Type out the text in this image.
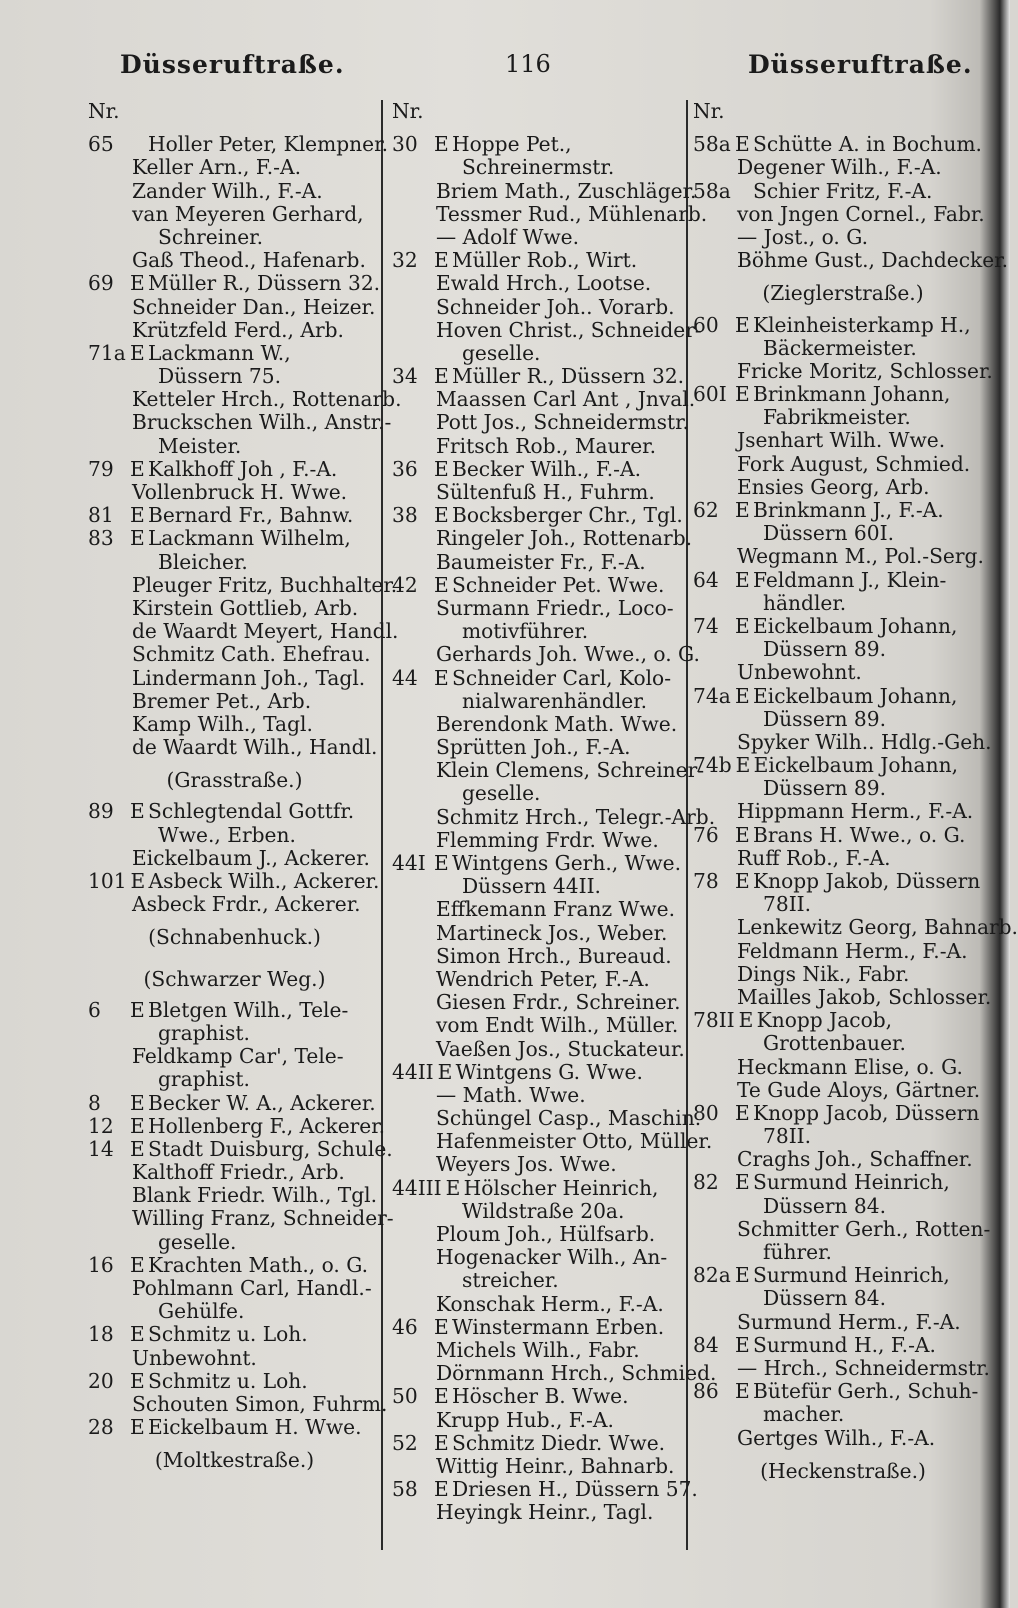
Düsseruftraße.	116	Düsseruftraße.
Nr.
65 Holler Peter, Klempner.
Keller Arn., F.-A.
Zander Wilh., F.-A.
van Meyeren Gerhard,
Schreiner.
Gaß Theod., Hafenarb.
69 E Müller R., Düssern 32.
Schneider Dan., Heizer.
Krützfeld Ferd., Arb.
71a E Lackmann W.,
Düssern 75.
Ketteler Hrch., Rottenarb.
Bruckschen Wilh., Anstr.-
Meister.
79 E Kalkhoff Joh , F.-A.
Vollenbruck H. Wwe.
81 E Bernard Fr., Bahnw.
83 E Lackmann Wilhelm,
Bleicher.
Pleuger Fritz, Buchhalter.
Kirstein Gottlieb, Arb.
de Waardt Meyert, Handl.
Schmitz Cath. Ehefrau.
Lindermann Joh., Tagl.
Bremer Pet., Arb.
Kamp Wilh., Tagl.
de Waardt Wilh., Handl.
(Grasstraße.)
89 E Schlegtendal Gottfr.
Wwe., Erben.
Eickelbaum J., Ackerer.
101 E Asbeck Wilh., Ackerer.
Asbeck Frdr., Ackerer.
(Schnabenhuck.)
(Schwarzer Weg.)
6 E Bletgen Wilh., Tele-
graphist.
Feldkamp Car', Tele-
graphist.
8 E Becker W. A., Ackerer.
12 E Hollenberg F., Ackerer.
14 E Stadt Duisburg, Schule.
Kalthoff Friedr., Arb.
Blank Friedr. Wilh., Tgl.
Willing Franz, Schneider-
geselle.
16 E Krachten Math., o. G.
Pohlmann Carl, Handl.-
Gehülfe.
18 E Schmitz u. Loh.
Unbewohnt.
20 E Schmitz u. Loh.
Schouten Simon, Fuhrm.
28 E Eickelbaum H. Wwe.
(Moltkestraße.)
Nr.
30 E Hoppe Pet.,
Schreinermstr.
Briem Math., Zuschläger.
Tessmer Rud., Mühlenarb.
— Adolf Wwe.
32 E Müller Rob., Wirt.
Ewald Hrch., Lootse.
Schneider Joh.. Vorarb.
Hoven Christ., Schneider-
geselle.
34 E Müller R., Düssern 32.
Maassen Carl Ant , Jnval.
Pott Jos., Schneidermstr.
Fritsch Rob., Maurer.
36 E Becker Wilh., F.-A.
Sültenfuß H., Fuhrm.
38 E Bocksberger Chr., Tgl.
Ringeler Joh., Rottenarb.
Baumeister Fr., F.-A.
42 E Schneider Pet. Wwe.
Surmann Friedr., Loco-
motivführer.
Gerhards Joh. Wwe., o. G.
44 E Schneider Carl, Kolo-
nialwarenhändler.
Berendonk Math. Wwe.
Sprütten Joh., F.-A.
Klein Clemens, Schreiner-
geselle.
Schmitz Hrch., Telegr.-Arb.
Flemming Frdr. Wwe.
44I E Wintgens Gerh., Wwe.
Düssern 44II.
Effkemann Franz Wwe.
Martineck Jos., Weber.
Simon Hrch., Bureaud.
Wendrich Peter, F.-A.
Giesen Frdr., Schreiner.
vom Endt Wilh., Müller.
Vaeßen Jos., Stuckateur.
44II E Wintgens G. Wwe.
— Math. Wwe.
Schüngel Casp., Maschin.
Hafenmeister Otto, Müller.
Weyers Jos. Wwe.
44III E Hölscher Heinrich,
Wildstraße 20a.
Ploum Joh., Hülfsarb.
Hogenacker Wilh., An-
streicher.
Konschak Herm., F.-A.
46 E Winstermann Erben.
Michels Wilh., Fabr.
Dörnmann Hrch., Schmied.
50 E Höscher B. Wwe.
Krupp Hub., F.-A.
52 E Schmitz Diedr. Wwe.
Wittig Heinr., Bahnarb.
58 E Driesen H., Düssern 57.
Heyingk Heinr., Tagl.
Nr.
58a E Schütte A. in Bochum.
Degener Wilh., F.-A.
58a Schier Fritz, F.-A.
von Jngen Cornel., Fabr.
— Jost., o. G.
Böhme Gust., Dachdecker.
(Zieglerstraße.)
60 E Kleinheisterkamp H.,
Bäckermeister.
Fricke Moritz, Schlosser.
60I E Brinkmann Johann,
Fabrikmeister.
Jsenhart Wilh. Wwe.
Fork August, Schmied.
Ensies Georg, Arb.
62 E Brinkmann J., F.-A.
Düssern 60I.
Wegmann M., Pol.-Serg.
64 E Feldmann J., Klein-
händler.
74 E Eickelbaum Johann,
Düssern 89.
Unbewohnt.
74a E Eickelbaum Johann,
Düssern 89.
Spyker Wilh.. Hdlg.-Geh.
74b E Eickelbaum Johann,
Düssern 89.
Hippmann Herm., F.-A.
76 E Brans H. Wwe., o. G.
Ruff Rob., F.-A.
78 E Knopp Jakob, Düssern
78II.
Lenkewitz Georg, Bahnarb.
Feldmann Herm., F.-A.
Dings Nik., Fabr.
Mailles Jakob, Schlosser.
78II E Knopp Jacob,
Grottenbauer.
Heckmann Elise, o. G.
Te Gude Aloys, Gärtner.
80 E Knopp Jacob, Düssern
78II.
Craghs Joh., Schaffner.
82 E Surmund Heinrich,
Düssern 84.
Schmitter Gerh., Rotten-
führer.
82a E Surmund Heinrich,
Düssern 84.
Surmund Herm., F.-A.
84 E Surmund H., F.-A.
— Hrch., Schneidermstr.
86 E Bütefür Gerh., Schuh-
macher.
Gertges Wilh., F.-A.
(Heckenstraße.)
